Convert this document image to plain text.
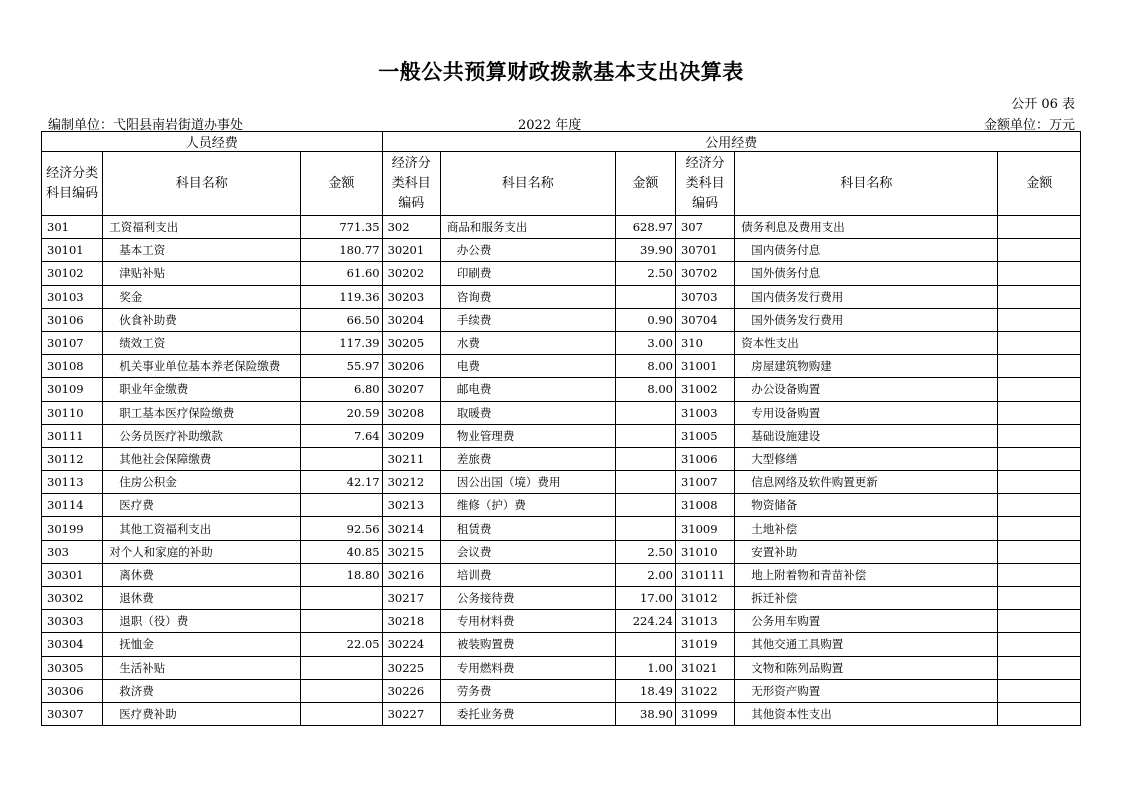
一般公共预算财政拨款基本支出决算表
公开 06 表
编制单位：弋阳县南岩街道办事处	2022 年度	金额单位：万元
人员经费			公用经费					
经济分类科目编码	科目名称	金额	经济分类科目编码	科目名称	金额	经济分类科目编码	科目名称	金额
301	工资福利支出	771.35	302	商品和服务支出	628.97	307	债务利息及费用支出	
30101	基本工资	180.77	30201	办公费	39.90	30701	国内债务付息	
30102	津贴补贴	61.60	30202	印刷费	2.50	30702	国外债务付息	
30103	奖金	119.36	30203	咨询费		30703	国内债务发行费用	
30106	伙食补助费	66.50	30204	手续费	0.90	30704	国外债务发行费用	
30107	绩效工资	117.39	30205	水费	3.00	310	资本性支出	
30108	机关事业单位基本养老保险缴费	55.97	30206	电费	8.00	31001	房屋建筑物购建	
30109	职业年金缴费	6.80	30207	邮电费	8.00	31002	办公设备购置	
30110	职工基本医疗保险缴费	20.59	30208	取暖费		31003	专用设备购置	
30111	公务员医疗补助缴款	7.64	30209	物业管理费		31005	基础设施建设	
30112	其他社会保障缴费		30211	差旅费		31006	大型修缮	
30113	住房公积金	42.17	30212	因公出国（境）费用		31007	信息网络及软件购置更新	
30114	医疗费		30213	维修（护）费		31008	物资储备	
30199	其他工资福利支出	92.56	30214	租赁费		31009	土地补偿	
303	对个人和家庭的补助	40.85	30215	会议费	2.50	31010	安置补助	
30301	离休费	18.80	30216	培训费	2.00	310111	地上附着物和青苗补偿	
30302	退休费		30217	公务接待费	17.00	31012	拆迁补偿	
30303	退职（役）费		30218	专用材料费	224.24	31013	公务用车购置	
30304	抚恤金	22.05	30224	被装购置费		31019	其他交通工具购置	
30305	生活补贴		30225	专用燃料费	1.00	31021	文物和陈列品购置	
30306	救济费		30226	劳务费	18.49	31022	无形资产购置	
30307	医疗费补助		30227	委托业务费	38.90	31099	其他资本性支出	
